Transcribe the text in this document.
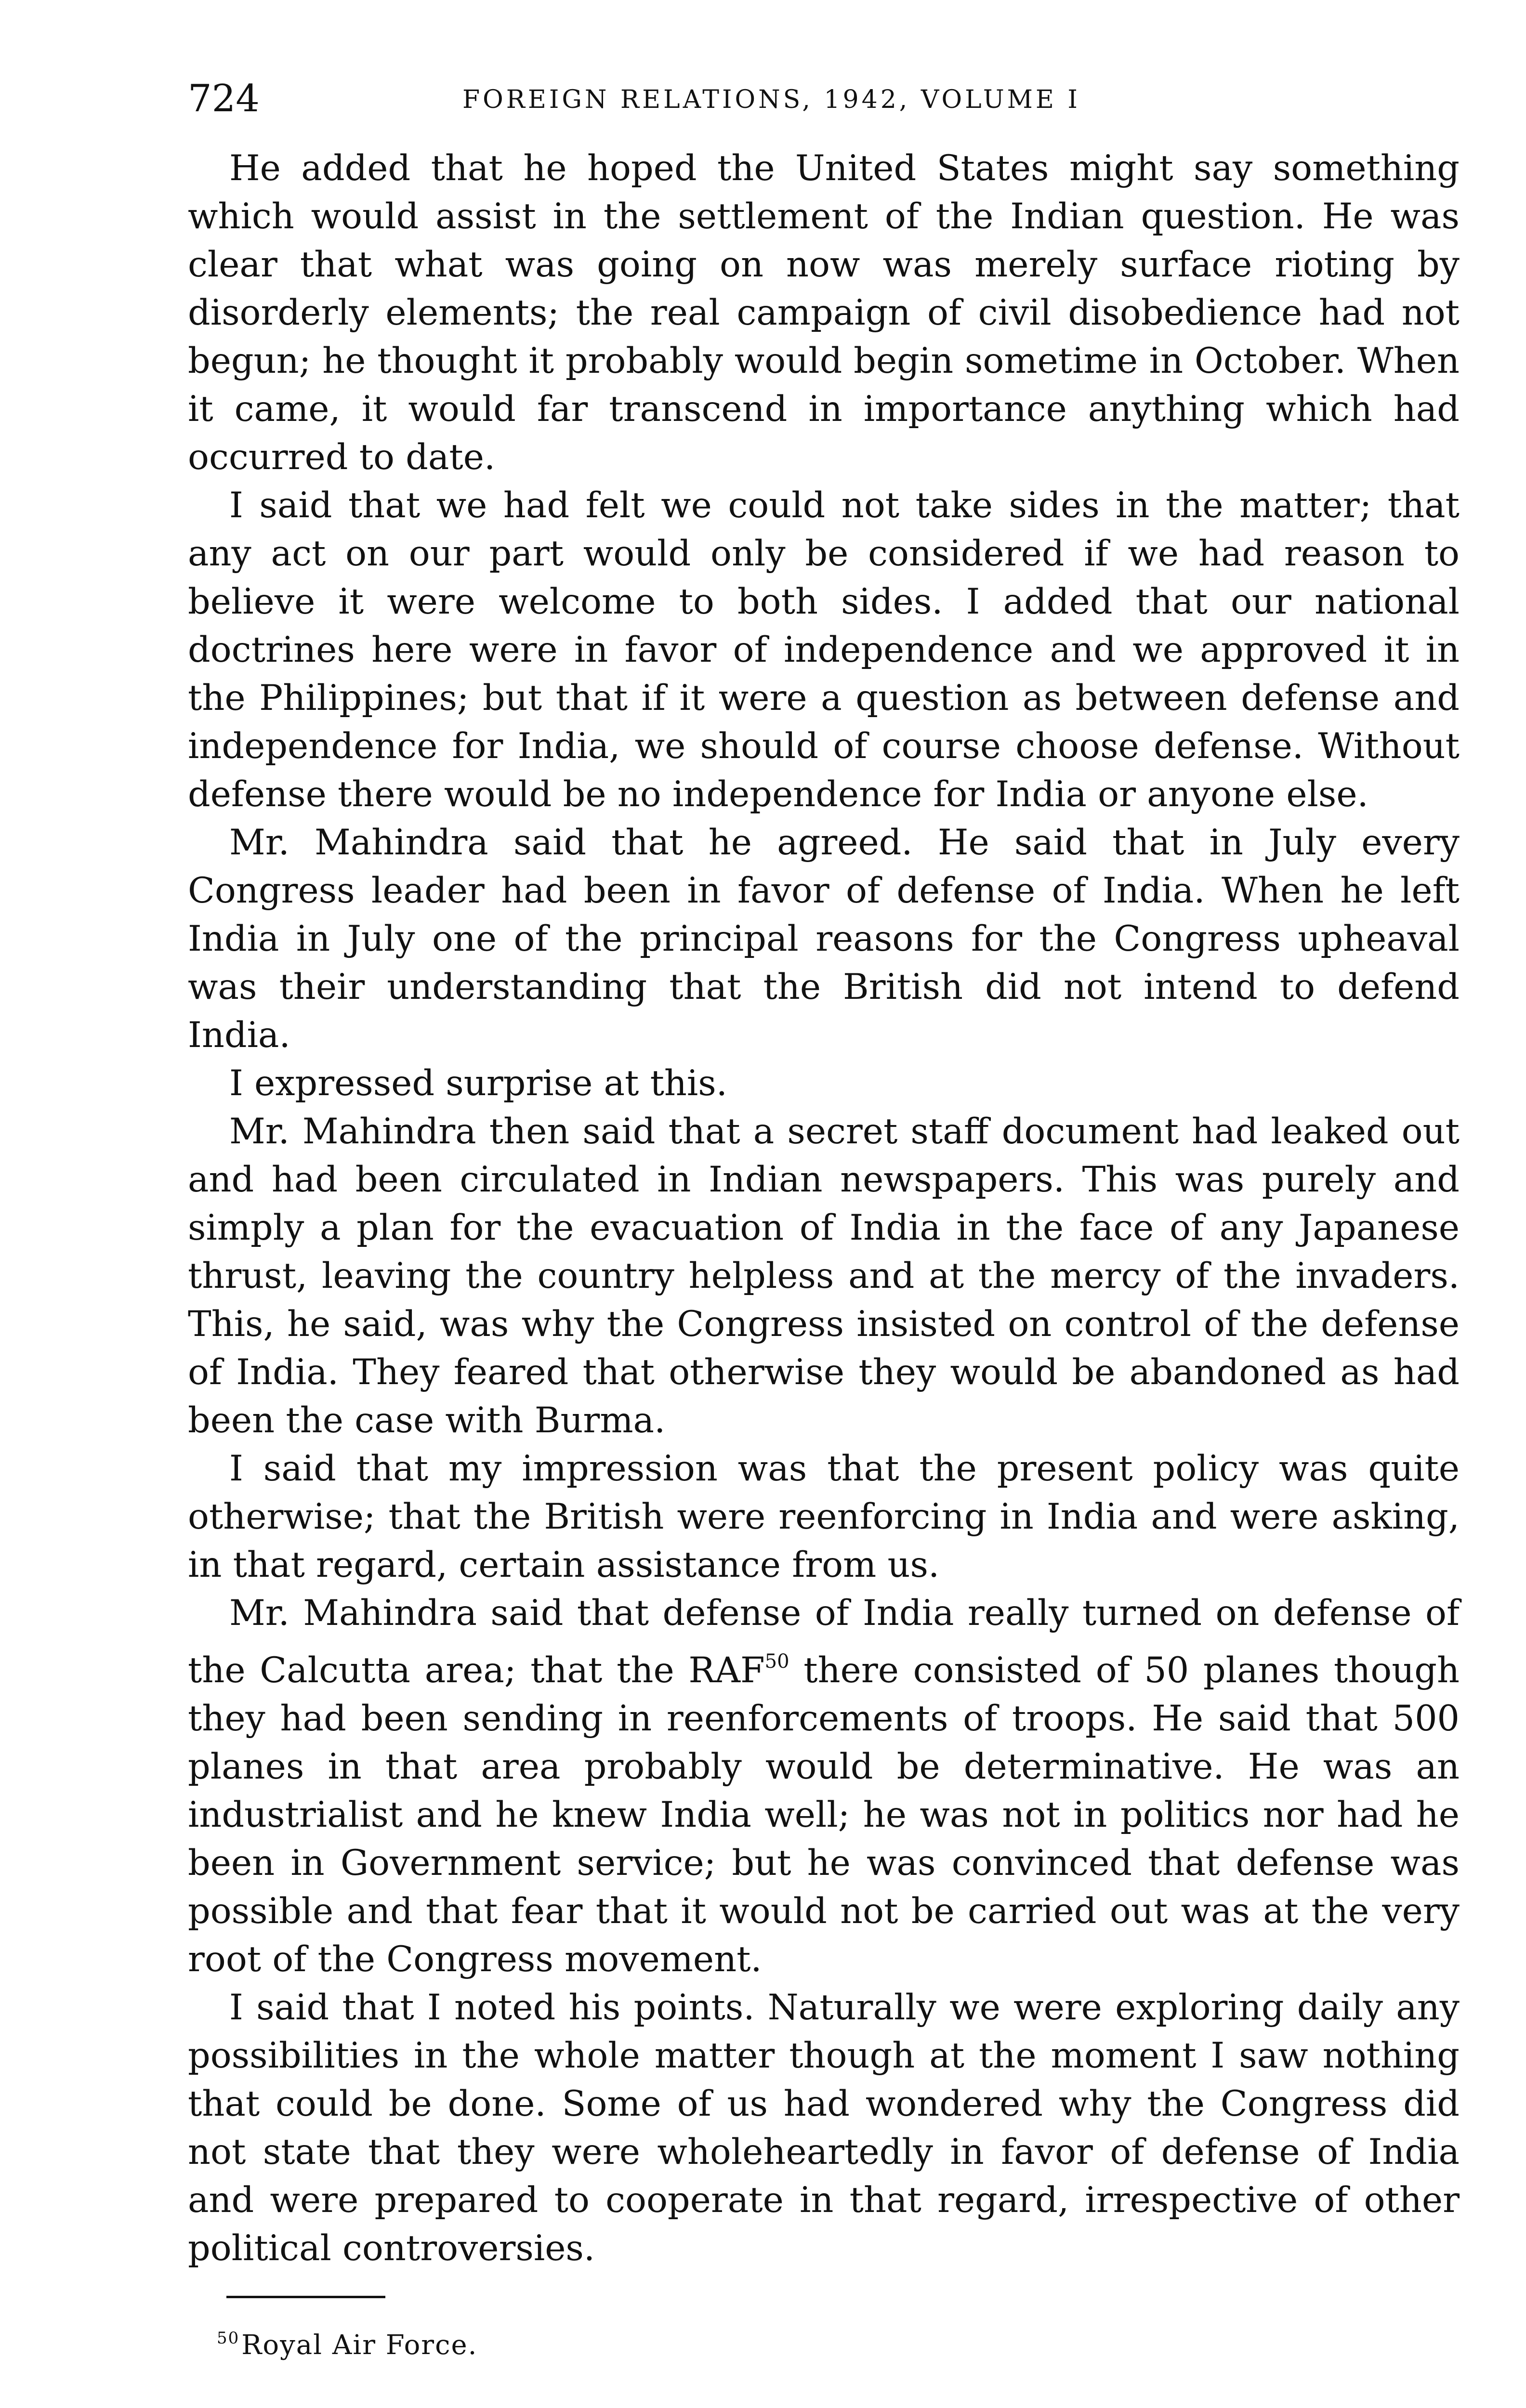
724	FOREIGN RELATIONS, 1942, VOLUME I

He added that he hoped the United States might say something which would assist in the settlement of the Indian question. He was clear that what was going on now was merely surface rioting by disorderly elements; the real campaign of civil disobedience had not begun; he thought it probably would begin sometime in October. When it came, it would far transcend in importance anything which had occurred to date.

I said that we had felt we could not take sides in the matter; that any act on our part would only be considered if we had reason to believe it were welcome to both sides. I added that our national doctrines here were in favor of independence and we approved it in the Philippines; but that if it were a question as between defense and independence for India, we should of course choose defense. Without defense there would be no independence for India or anyone else.

Mr. Mahindra said that he agreed. He said that in July every Congress leader had been in favor of defense of India. When he left India in July one of the principal reasons for the Congress upheaval was their understanding that the British did not intend to defend India.

I expressed surprise at this.

Mr. Mahindra then said that a secret staff document had leaked out and had been circulated in Indian newspapers. This was purely and simply a plan for the evacuation of India in the face of any Japanese thrust, leaving the country helpless and at the mercy of the invaders. This, he said, was why the Congress insisted on control of the defense of India. They feared that otherwise they would be abandoned as had been the case with Burma.

I said that my impression was that the present policy was quite otherwise; that the British were reenforcing in India and were asking, in that regard, certain assistance from us.

Mr. Mahindra said that defense of India really turned on defense of the Calcutta area; that the RAF$^{50}$ there consisted of 50 planes though they had been sending in reenforcements of troops. He said that 500 planes in that area probably would be determinative. He was an industrialist and he knew India well; he was not in politics nor had he been in Government service; but he was convinced that defense was possible and that fear that it would not be carried out was at the very root of the Congress movement.

I said that I noted his points. Naturally we were exploring daily any possibilities in the whole matter though at the moment I saw nothing that could be done. Some of us had wondered why the Congress did not state that they were wholeheartedly in favor of defense of India and were prepared to cooperate in that regard, irrespective of other political controversies.

$^{50}$Royal Air Force.
